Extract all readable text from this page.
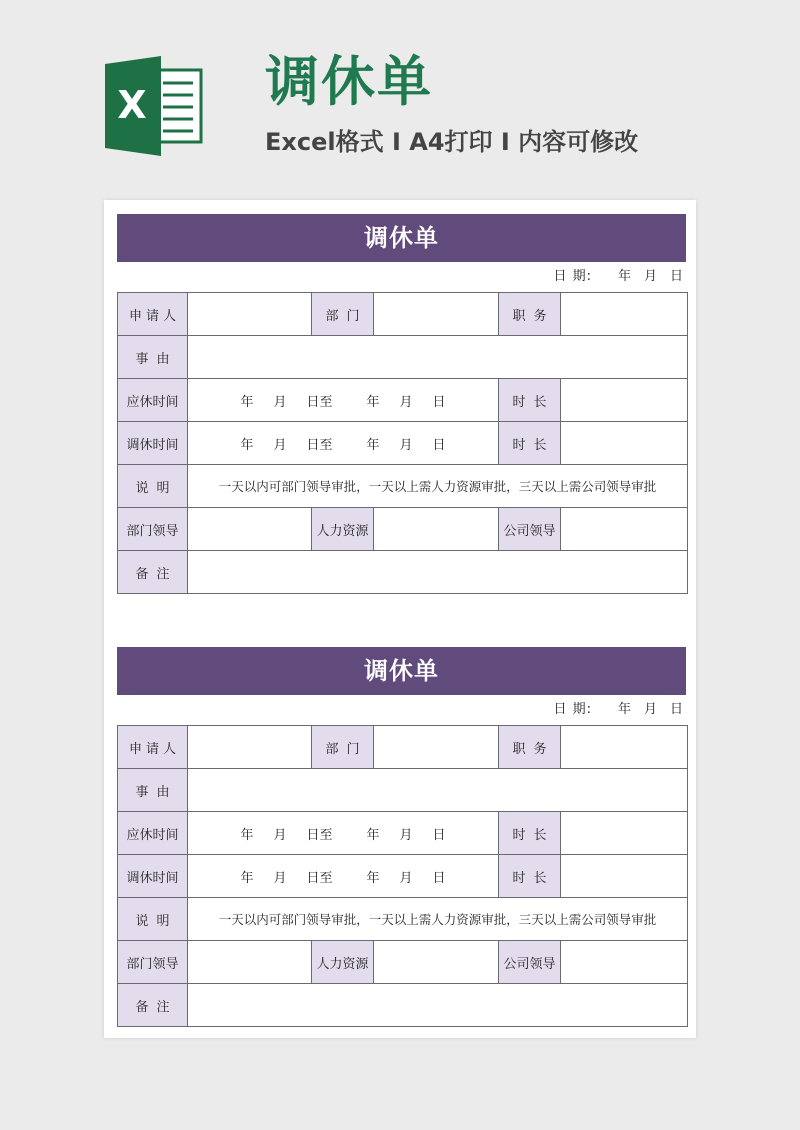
X 调休单
Excel格式 I A4打印 I 内容可修改
调休单
日 期: 年 月 日
申请人		部门		职务	
事由					
应休时间	年 月 日至 年 月 日			时长	
调休时间	年 月 日至 年 月 日			时长	
说明	一天以内可部门领导审批，一天以上需人力资源审批，三天以上需公司领导审批				
部门领导		人力资源		公司领导	
备注					
调休单
日 期: 年 月 日
申请人		部门		职务	
事由					
应休时间	年 月 日至 年 月 日			时长	
调休时间	年 月 日至 年 月 日			时长	
说明	一天以内可部门领导审批，一天以上需人力资源审批，三天以上需公司领导审批				
部门领导		人力资源		公司领导	
备注					
